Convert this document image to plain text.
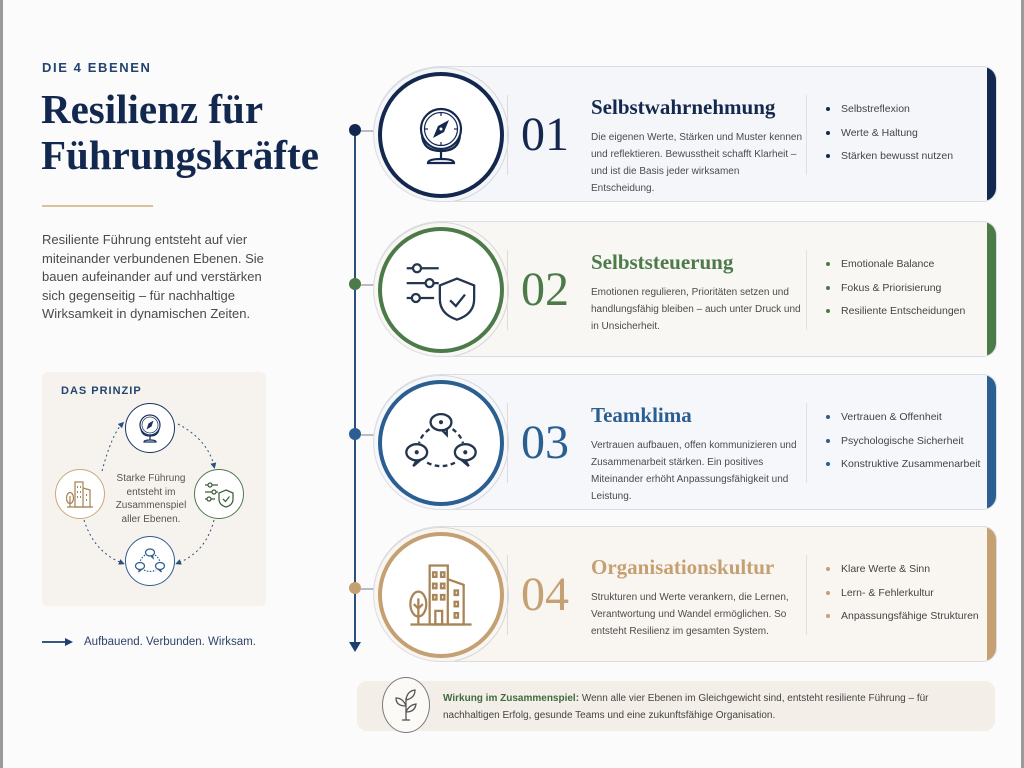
DIE 4 EBENEN
Resilienz für Führungskräfte

Resiliente Führung entsteht auf vier miteinander verbundenen Ebenen. Sie bauen aufeinander auf und verstärken sich gegenseitig – für nachhaltige Wirksamkeit in dynamischen Zeiten.

DAS PRINZIP
Starke Führung entsteht im Zusammenspiel aller Ebenen.
Aufbauend. Verbunden. Wirksam.
01
Selbstwahrnehmung
Die eigenen Werte, Stärken und Muster kennen und reflektieren. Bewusstheit schafft Klarheit – und ist die Basis jeder wirksamen Entscheidung.
Selbstreflexion
Werte & Haltung
Stärken bewusst nutzen
02
Selbststeuerung
Emotionen regulieren, Prioritäten setzen und handlungsfähig bleiben – auch unter Druck und in Unsicherheit.
Emotionale Balance
Fokus & Priorisierung
Resiliente Entscheidungen
03
Teamklima
Vertrauen aufbauen, offen kommunizieren und Zusammenarbeit stärken. Ein positives Miteinander erhöht Anpassungsfähigkeit und Leistung.
Vertrauen & Offenheit
Psychologische Sicherheit
Konstruktive Zusammenarbeit
04
Organisationskultur
Strukturen und Werte verankern, die Lernen, Verantwortung und Wandel ermöglichen. So entsteht Resilienz im gesamten System.
Klare Werte & Sinn
Lern- & Fehlerkultur
Anpassungsfähige Strukturen

Wirkung im Zusammenspiel: Wenn alle vier Ebenen im Gleichgewicht sind, entsteht resiliente Führung – für nachhaltigen Erfolg, gesunde Teams und eine zukunftsfähige Organisation.
